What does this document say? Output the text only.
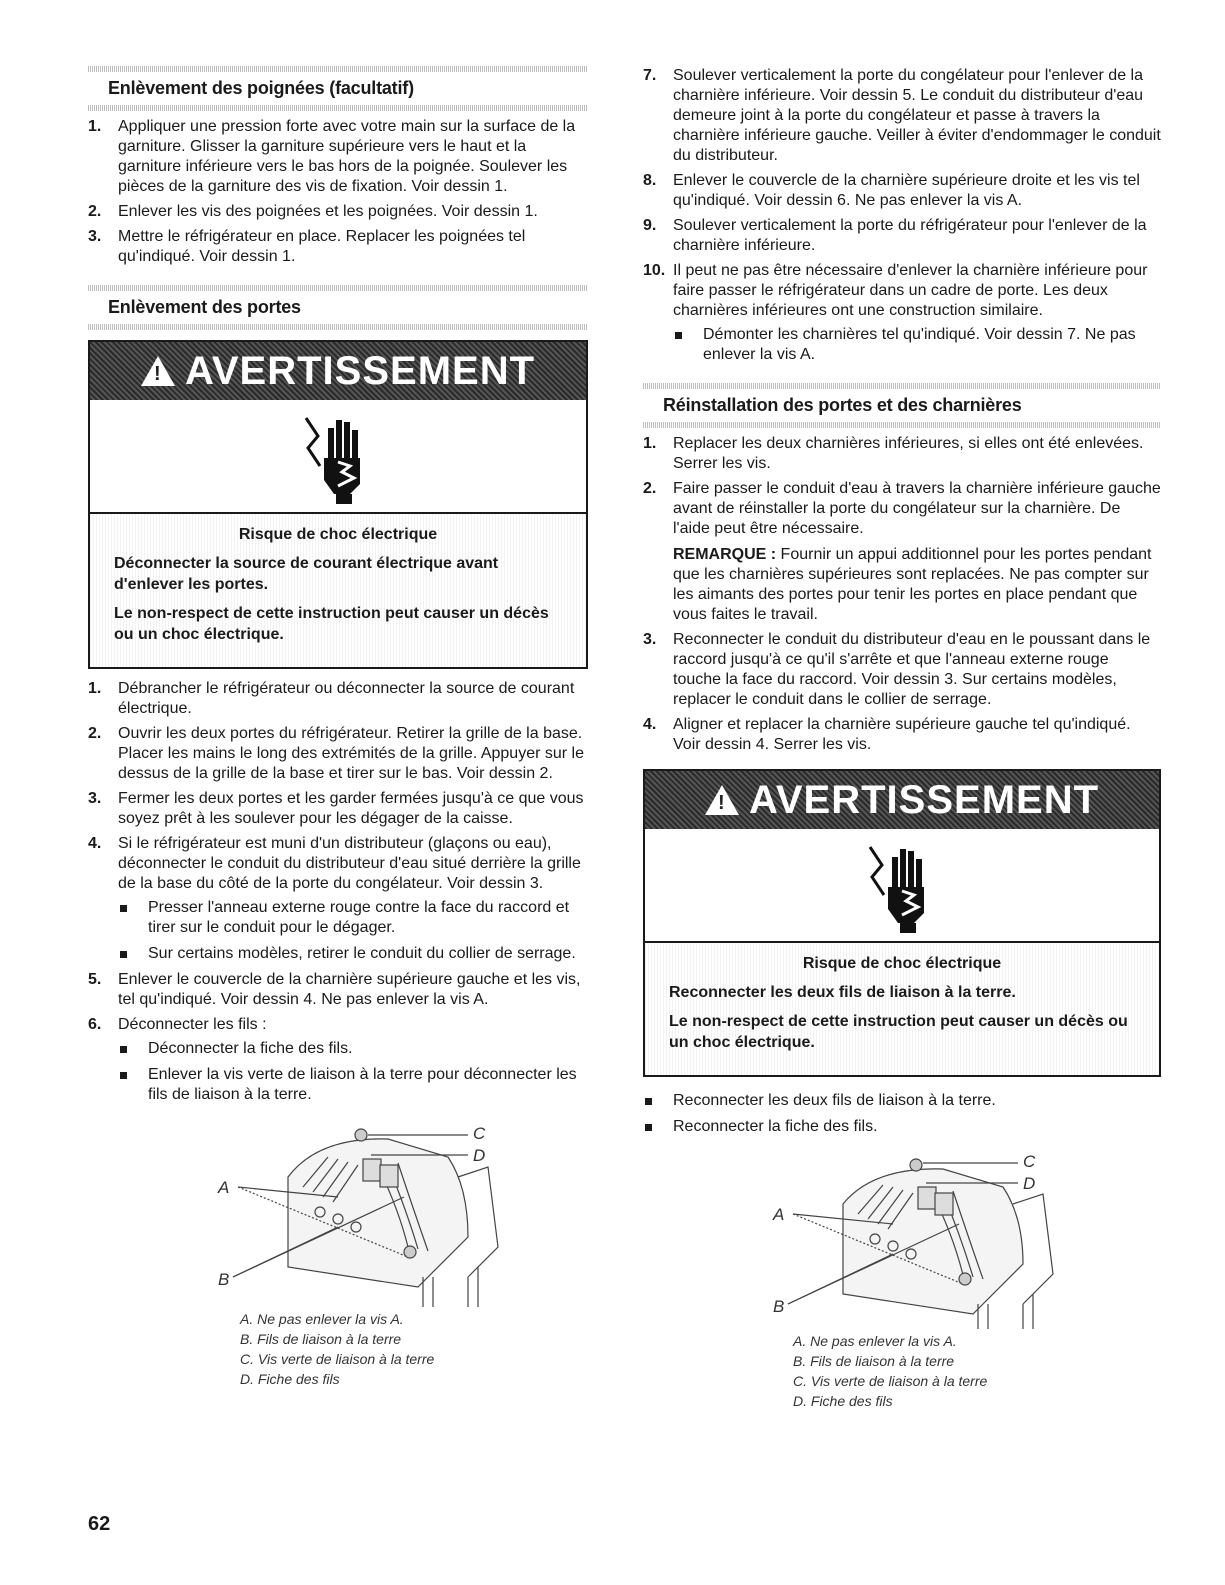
Enlèvement des poignées (facultatif)
1. Appliquer une pression forte avec votre main sur la surface de la garniture. Glisser la garniture supérieure vers le haut et la garniture inférieure vers le bas hors de la poignée. Soulever les pièces de la garniture des vis de fixation. Voir dessin 1.
2. Enlever les vis des poignées et les poignées. Voir dessin 1.
3. Mettre le réfrigérateur en place. Replacer les poignées tel qu'indiqué. Voir dessin 1.
Enlèvement des portes
! AVERTISSEMENT
Risque de choc électrique

Déconnecter la source de courant électrique avant d'enlever les portes.

Le non-respect de cette instruction peut causer un décès ou un choc électrique.

1. Débrancher le réfrigérateur ou déconnecter la source de courant électrique.
2. Ouvrir les deux portes du réfrigérateur. Retirer la grille de la base. Placer les mains le long des extrémités de la grille. Appuyer sur le dessus de la grille de la base et tirer sur le bas. Voir dessin 2.
3. Fermer les deux portes et les garder fermées jusqu'à ce que vous soyez prêt à les soulever pour les dégager de la caisse.
4. Si le réfrigérateur est muni d'un distributeur (glaçons ou eau), déconnecter le conduit du distributeur d'eau situé derrière la grille de la base du côté de la porte du congélateur. Voir dessin 3.
Presser l'anneau externe rouge contre la face du raccord et tirer sur le conduit pour le dégager.
Sur certains modèles, retirer le conduit du collier de serrage.
5. Enlever le couvercle de la charnière supérieure gauche et les vis, tel qu'indiqué. Voir dessin 4. Ne pas enlever la vis A.
6. Déconnecter les fils :
Déconnecter la fiche des fils.
Enlever la vis verte de liaison à la terre pour déconnecter les fils de liaison à la terre.
C
D
A
B
A. Ne pas enlever la vis A.
B. Fils de liaison à la terre
C. Vis verte de liaison à la terre
D. Fiche des fils
7. Soulever verticalement la porte du congélateur pour l'enlever de la charnière inférieure. Voir dessin 5. Le conduit du distributeur d'eau demeure joint à la porte du congélateur et passe à travers la charnière inférieure gauche. Veiller à éviter d'endommager le conduit du distributeur.
8. Enlever le couvercle de la charnière supérieure droite et les vis tel qu'indiqué. Voir dessin 6. Ne pas enlever la vis A.
9. Soulever verticalement la porte du réfrigérateur pour l'enlever de la charnière inférieure.
10. Il peut ne pas être nécessaire d'enlever la charnière inférieure pour faire passer le réfrigérateur dans un cadre de porte. Les deux charnières inférieures ont une construction similaire.
Démonter les charnières tel qu'indiqué. Voir dessin 7. Ne pas enlever la vis A.
Réinstallation des portes et des charnières
1. Replacer les deux charnières inférieures, si elles ont été enlevées. Serrer les vis.
2. Faire passer le conduit d'eau à travers la charnière inférieure gauche avant de réinstaller la porte du congélateur sur la charnière. De l'aide peut être nécessaire.
REMARQUE : Fournir un appui additionnel pour les portes pendant que les charnières supérieures sont replacées. Ne pas compter sur les aimants des portes pour tenir les portes en place pendant que vous faites le travail.
3. Reconnecter le conduit du distributeur d'eau en le poussant dans le raccord jusqu'à ce qu'il s'arrête et que l'anneau externe rouge touche la face du raccord. Voir dessin 3. Sur certains modèles, replacer le conduit dans le collier de serrage.
4. Aligner et replacer la charnière supérieure gauche tel qu'indiqué. Voir dessin 4. Serrer les vis.
! AVERTISSEMENT
Risque de choc électrique

Reconnecter les deux fils de liaison à la terre.

Le non-respect de cette instruction peut causer un décès ou un choc électrique.

Reconnecter les deux fils de liaison à la terre.
Reconnecter la fiche des fils.
C
D
A
B
A. Ne pas enlever la vis A.
B. Fils de liaison à la terre
C. Vis verte de liaison à la terre
D. Fiche des fils
62
